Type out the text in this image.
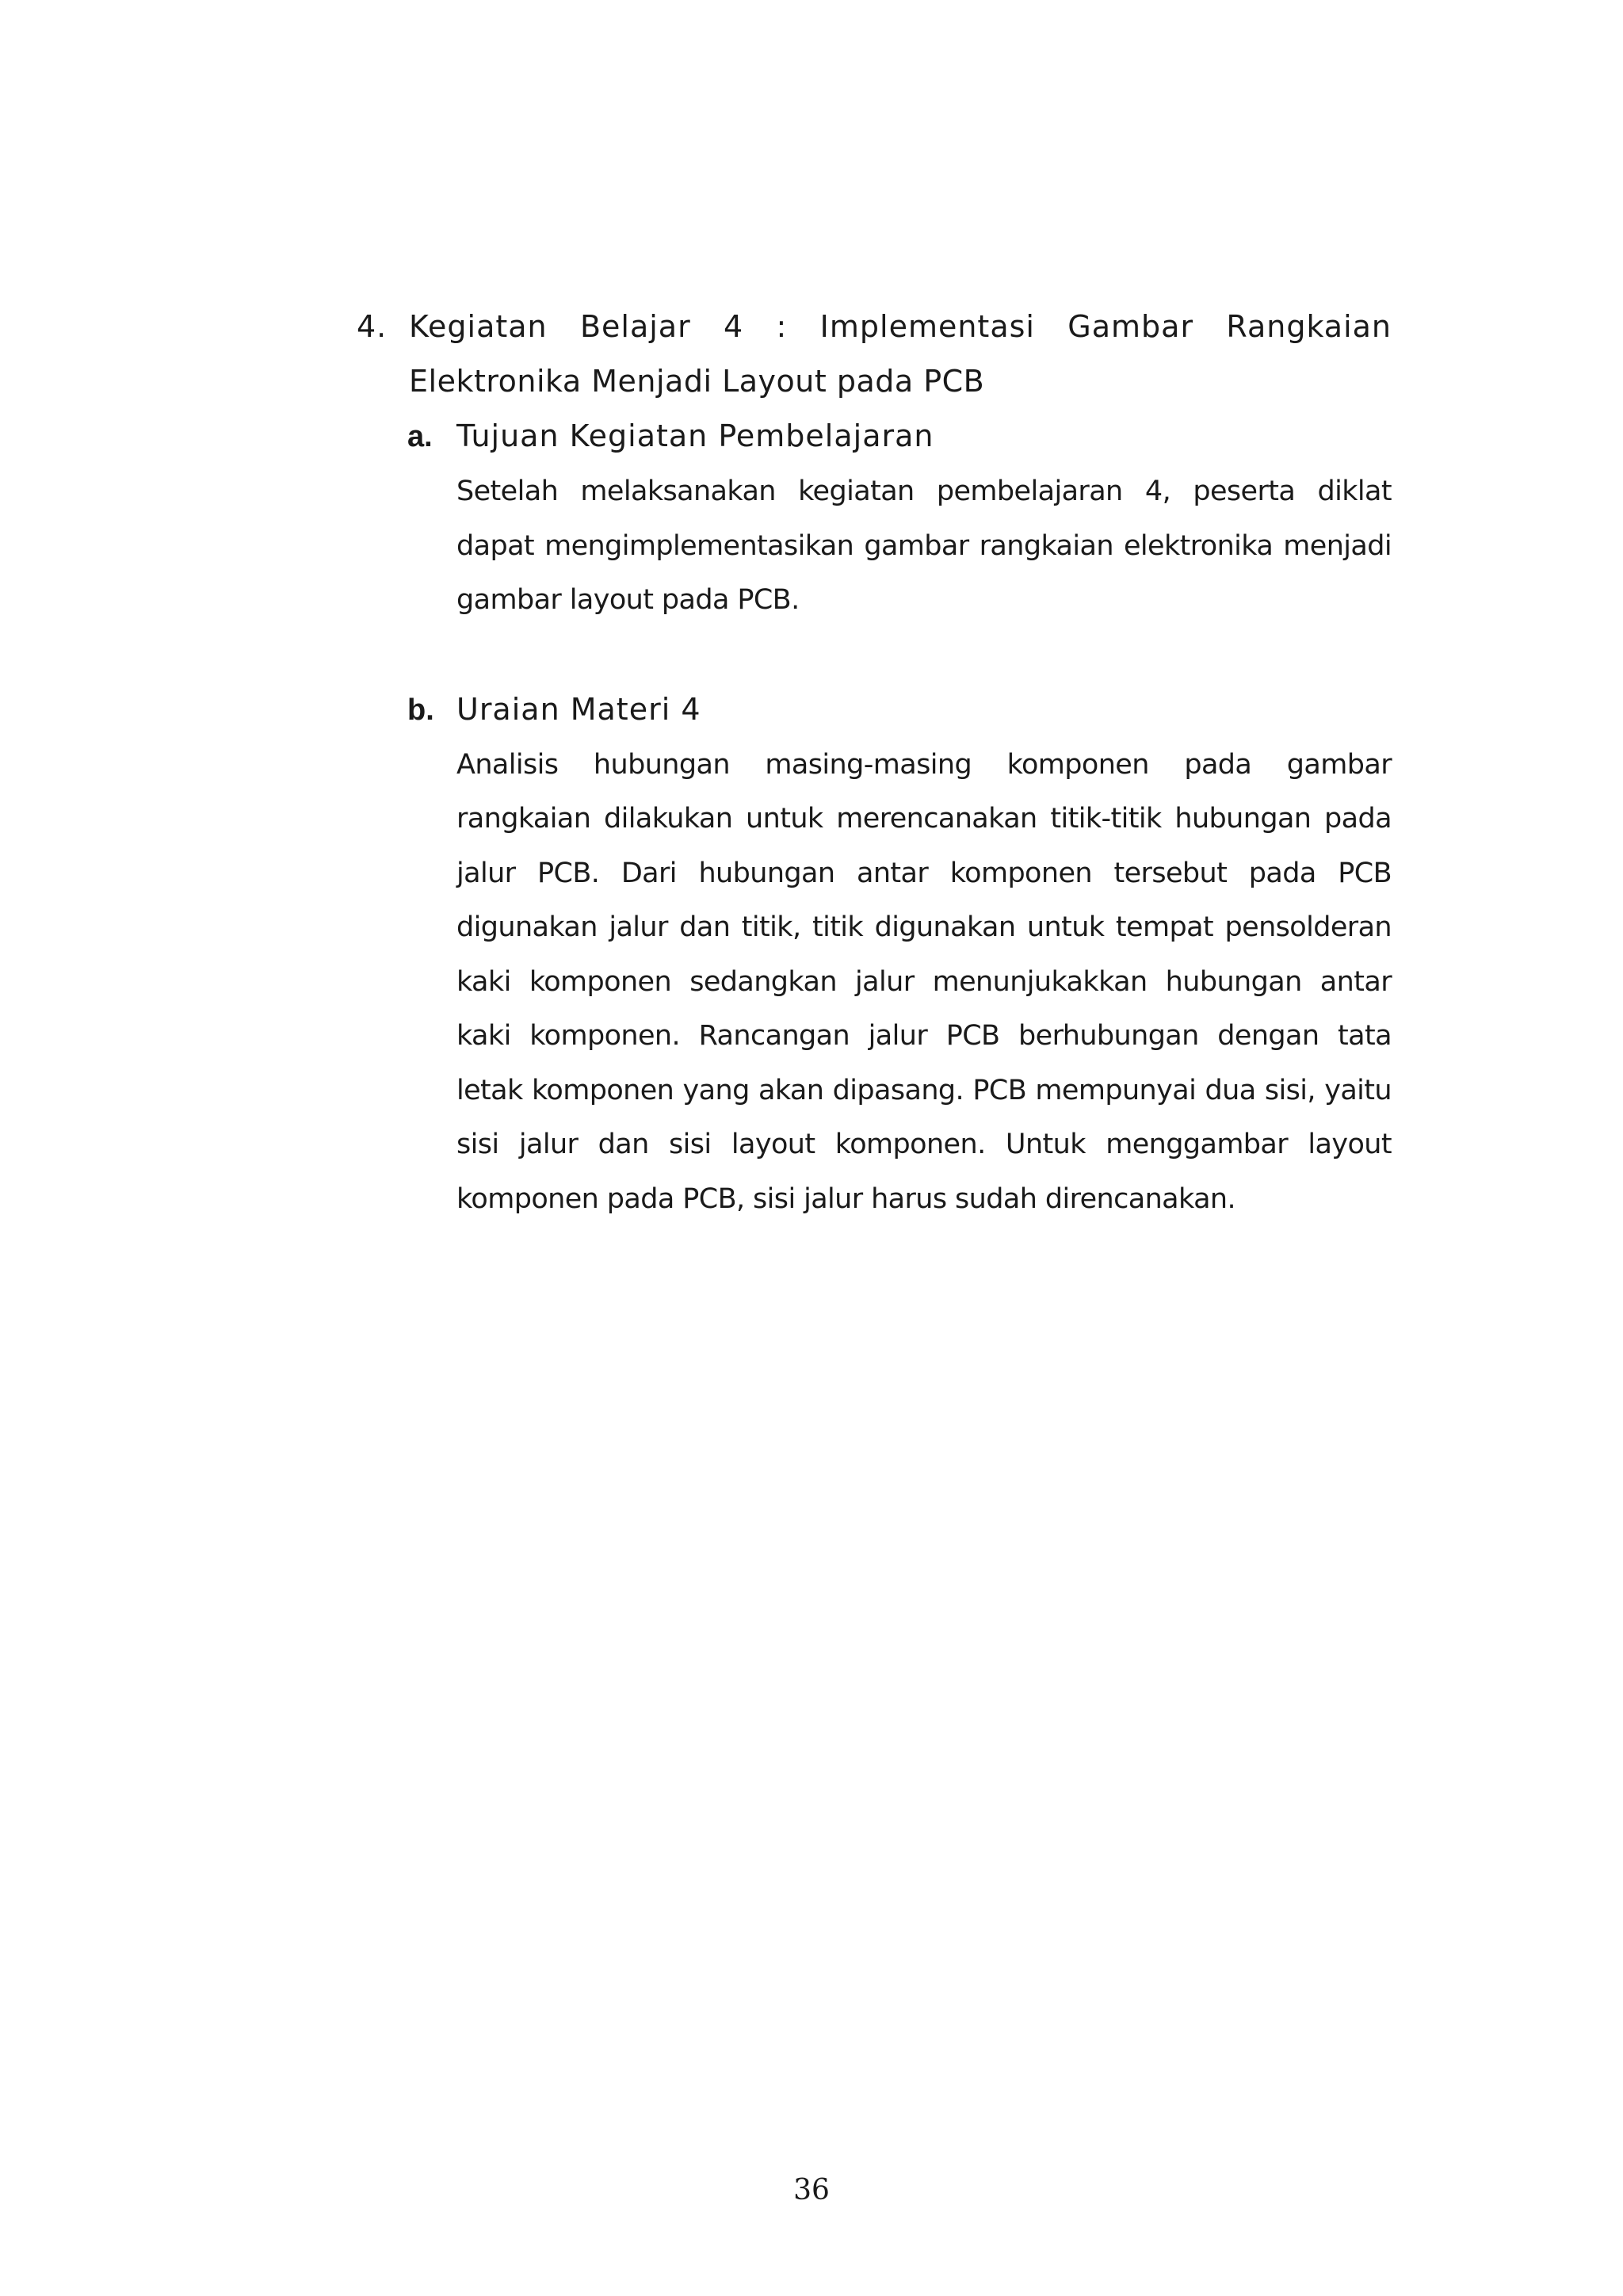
4. Kegiatan Belajar 4 : Implementasi Gambar Rangkaian
Elektronika Menjadi Layout pada PCB
a. Tujuan Kegiatan Pembelajaran

Setelah melaksanakan kegiatan pembelajaran 4, peserta diklat dapat mengimplementasikan gambar rangkaian elektronika menjadi gambar layout pada PCB.

b. Uraian Materi 4

Analisis hubungan masing-masing komponen pada gambar rangkaian dilakukan untuk merencanakan titik-titik hubungan pada jalur PCB. Dari hubungan antar komponen tersebut pada PCB digunakan jalur dan titik, titik digunakan untuk tempat pensolderan kaki komponen sedangkan jalur menunjukakkan hubungan antar kaki komponen. Rancangan jalur PCB berhubungan dengan tata letak komponen yang akan dipasang. PCB mempunyai dua sisi, yaitu sisi jalur dan sisi layout komponen. Untuk menggambar layout komponen pada PCB, sisi jalur harus sudah direncanakan.

36
